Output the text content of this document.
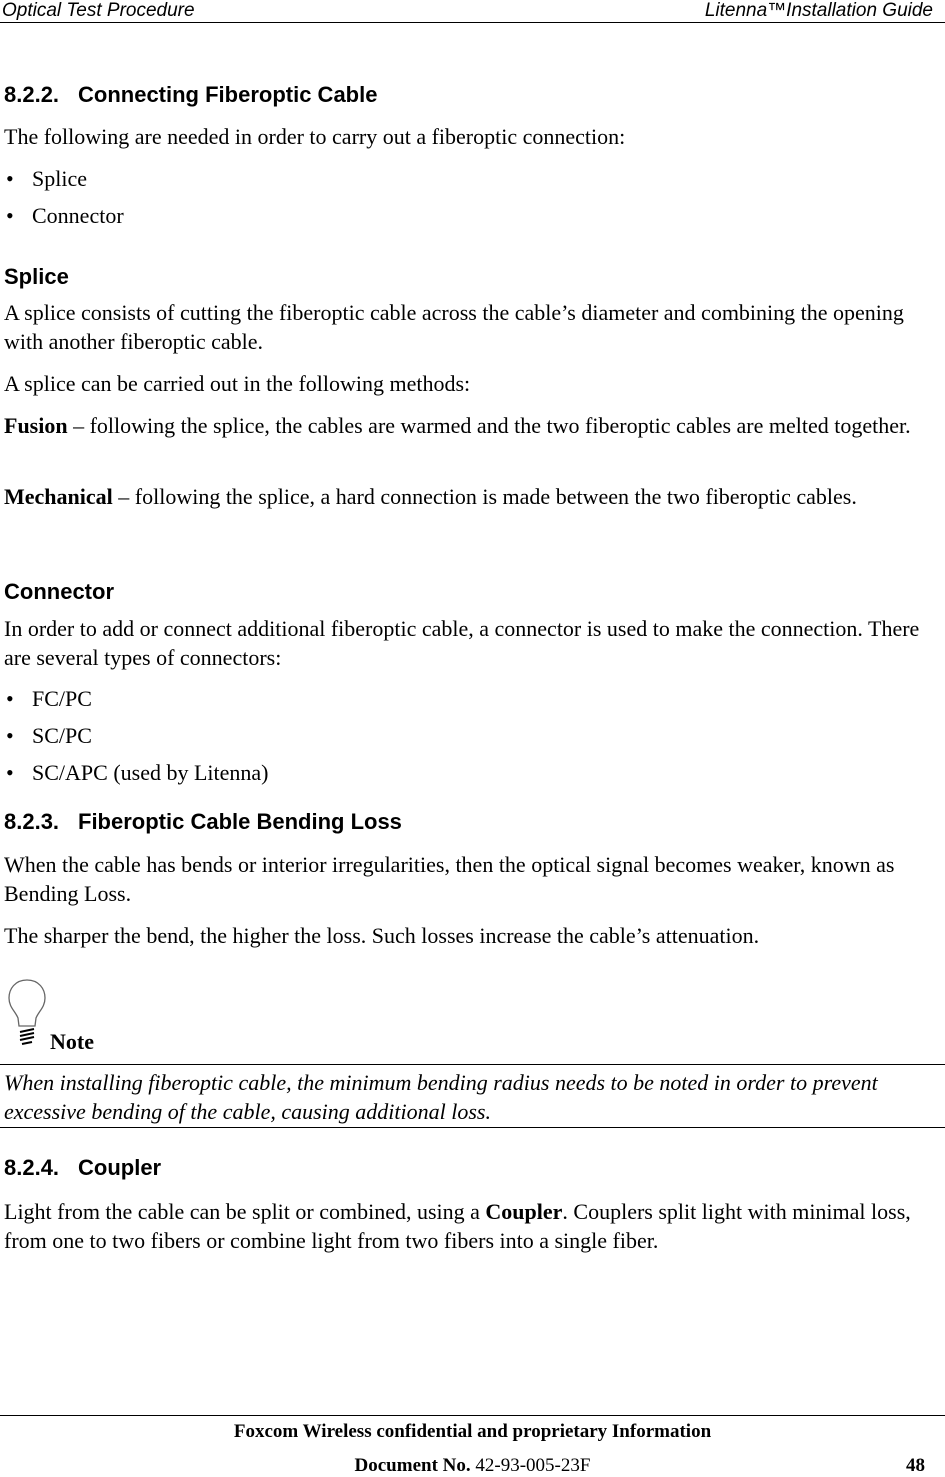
Optical Test Procedure	Litenna™Installation Guide
8.2.2. Connecting Fiberoptic Cable
The following are needed in order to carry out a fiberoptic connection:
• Splice
• Connector
Splice
A splice consists of cutting the fiberoptic cable across the cable’s diameter and combining the opening with another fiberoptic cable.
A splice can be carried out in the following methods:
Fusion – following the splice, the cables are warmed and the two fiberoptic cables are melted together.
Mechanical – following the splice, a hard connection is made between the two fiberoptic cables.
Connector
In order to add or connect additional fiberoptic cable, a connector is used to make the connection. There are several types of connectors:
• FC/PC
• SC/PC
• SC/APC (used by Litenna)
8.2.3. Fiberoptic Cable Bending Loss
When the cable has bends or interior irregularities, then the optical signal becomes weaker, known as Bending Loss.
The sharper the bend, the higher the loss. Such losses increase the cable’s attenuation.
Note
When installing fiberoptic cable, the minimum bending radius needs to be noted in order to prevent excessive bending of the cable, causing additional loss.
8.2.4. Coupler
Light from the cable can be split or combined, using a Coupler. Couplers split light with minimal loss, from one to two fibers or combine light from two fibers into a single fiber.
Foxcom Wireless confidential and proprietary Information
Document No. 42-93-005-23F	48
